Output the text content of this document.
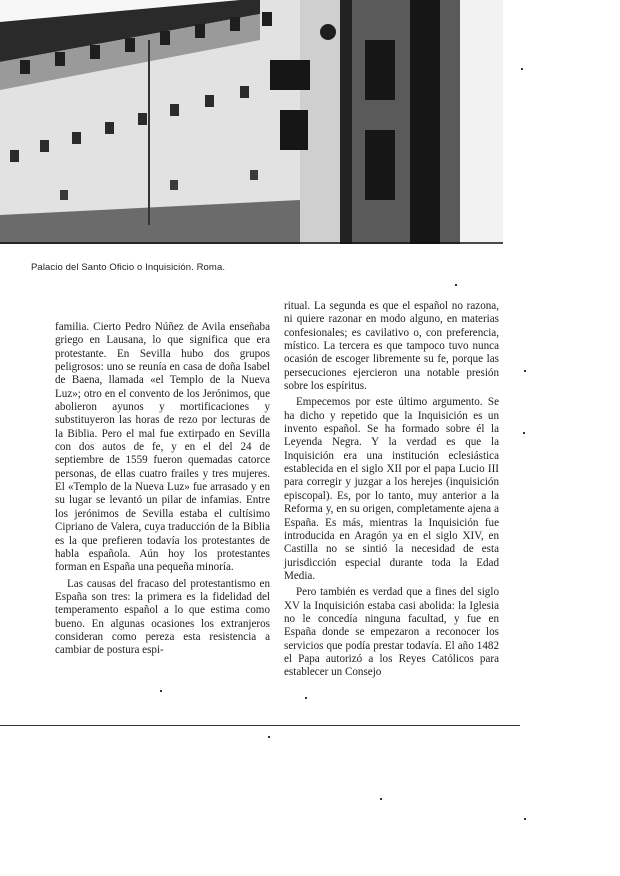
Palacio del Santo Oficio o Inquisición. Roma.

familia. Cierto Pedro Núñez de Avila enseñaba griego en Lausana, lo que significa que era protestante. En Sevilla hubo dos grupos peligrosos: uno se reunía en casa de doña Isabel de Baena, llamada «el Templo de la Nueva Luz»; otro en el convento de los Jerónimos, que abolieron ayunos y mortificaciones y substituyeron las horas de rezo por lecturas de la Biblia. Pero el mal fue extirpado en Sevilla con dos autos de fe, y en el del 24 de septiembre de 1559 fueron quemadas catorce personas, de ellas cuatro frailes y tres mujeres. El «Templo de la Nueva Luz» fue arrasado y en su lugar se levantó un pilar de infamias. Entre los jerónimos de Sevilla estaba el cultísimo Cipriano de Valera, cuya traducción de la Biblia es la que prefieren todavía los protestantes de habla española. Aún hoy los protestantes forman en España una pequeña minoría.

Las causas del fracaso del protestantismo en España son tres: la primera es la fidelidad del temperamento español a lo que estima como bueno. En algunas ocasiones los extranjeros consideran como pereza esta resistencia a cambiar de postura espi-

ritual. La segunda es que el español no razona, ni quiere razonar en modo alguno, en materias confesionales; es cavilativo o, con preferencia, místico. La tercera es que tampoco tuvo nunca ocasión de escoger libremente su fe, porque las persecuciones ejercieron una notable presión sobre los espíritus.

Empecemos por este último argumento. Se ha dicho y repetido que la Inquisición es un invento español. Se ha formado sobre él la Leyenda Negra. Y la verdad es que la Inquisición era una institución eclesiástica establecida en el siglo XII por el papa Lucio III para corregir y juzgar a los herejes (inquisición episcopal). Es, por lo tanto, muy anterior a la Reforma y, en su origen, completamente ajena a España. Es más, mientras la Inquisición fue introducida en Aragón ya en el siglo XIV, en Castilla no se sintió la necesidad de esta jurisdicción especial durante toda la Edad Media.

Pero también es verdad que a fines del siglo XV la Inquisición estaba casi abolida: la Iglesia no le concedía ninguna facultad, y fue en España donde se empezaron a reconocer los servicios que podía prestar todavía. El año 1482 el Papa autorizó a los Reyes Católicos para establecer un Consejo
